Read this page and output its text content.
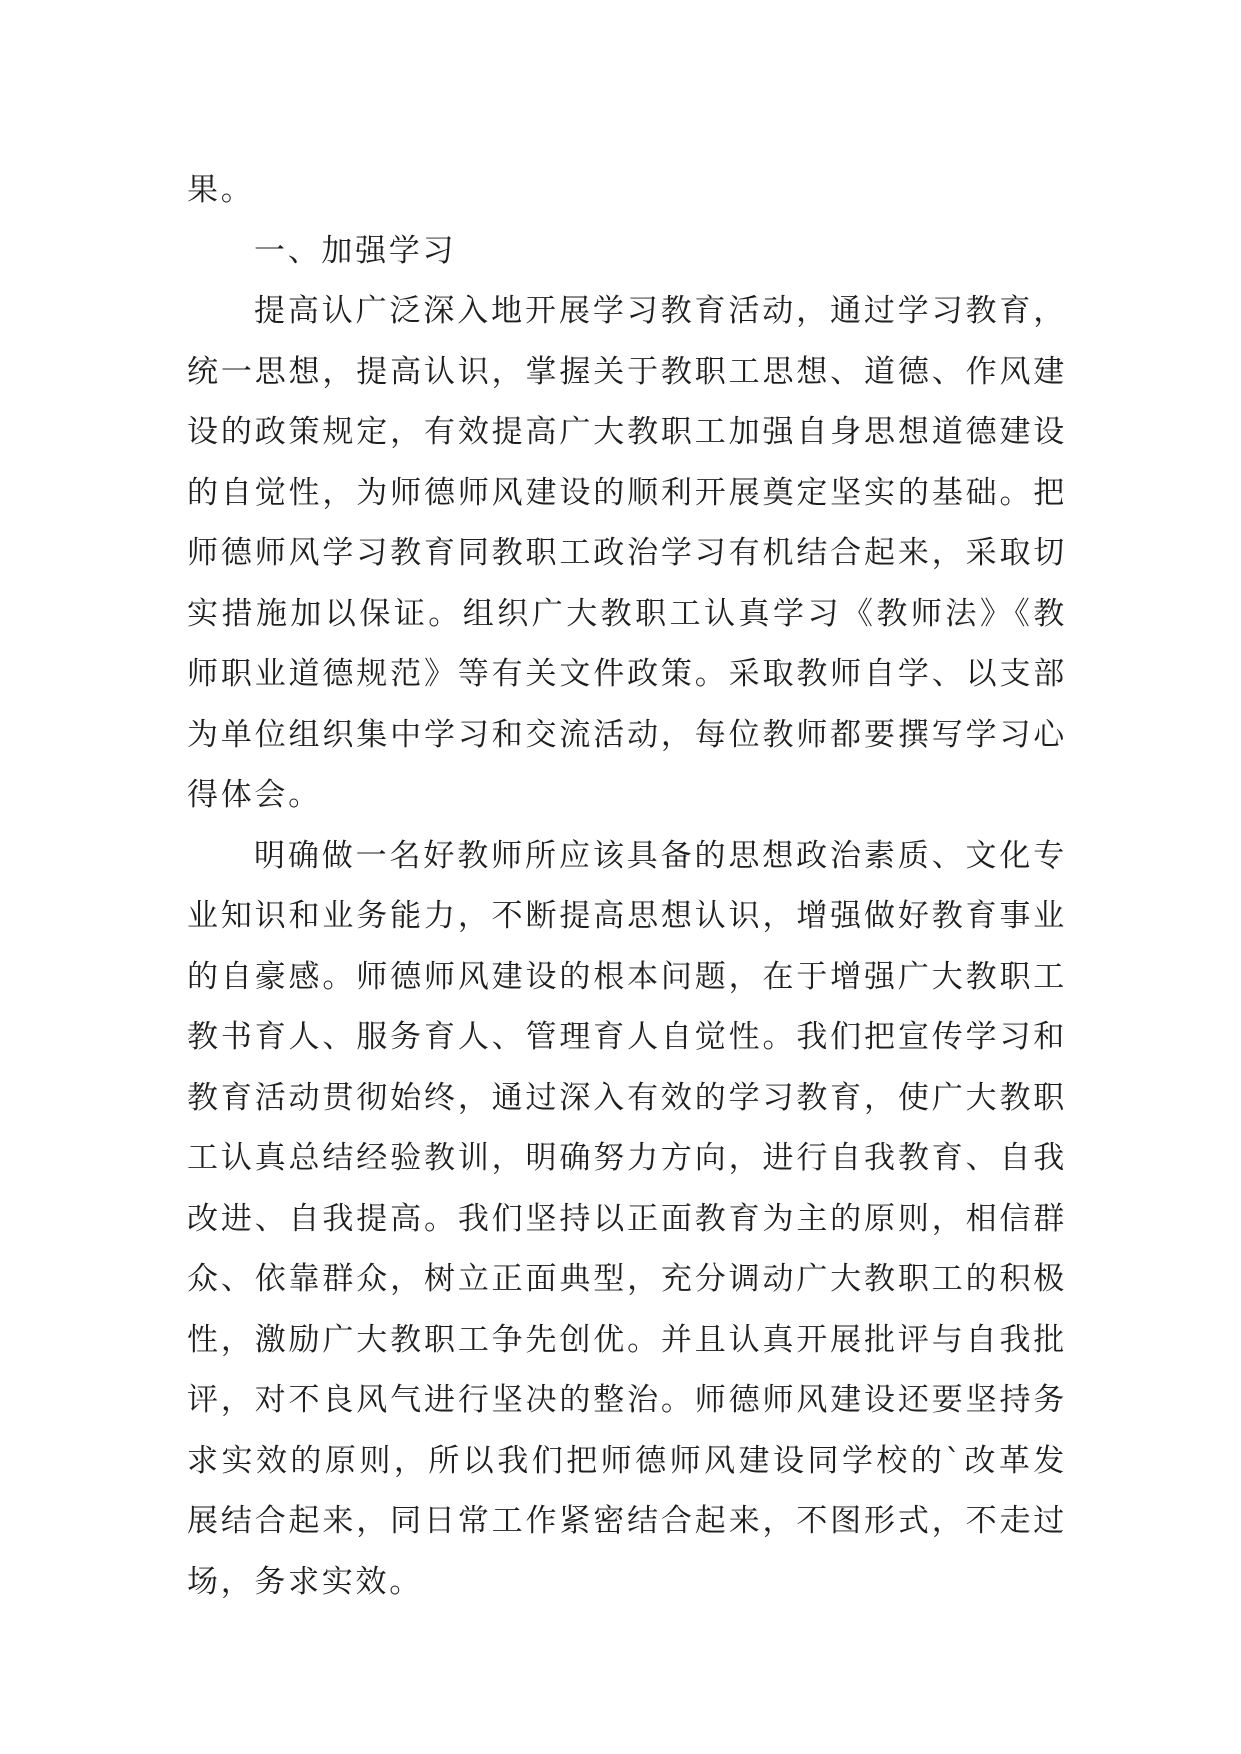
果。

一、加强学习

提高认广泛深入地开展学习教育活动，通过学习教育，统一思想，提高认识，掌握关于教职工思想、道德、作风建设的政策规定，有效提高广大教职工加强自身思想道德建设的自觉性，为师德师风建设的顺利开展奠定坚实的基础。把师德师风学习教育同教职工政治学习有机结合起来，采取切实措施加以保证。组织广大教职工认真学习《教师法》《教师职业道德规范》等有关文件政策。采取教师自学、以支部为单位组织集中学习和交流活动，每位教师都要撰写学习心得体会。

明确做一名好教师所应该具备的思想政治素质、文化专业知识和业务能力，不断提高思想认识，增强做好教育事业的自豪感。师德师风建设的根本问题，在于增强广大教职工教书育人、服务育人、管理育人自觉性。我们把宣传学习和教育活动贯彻始终，通过深入有效的学习教育，使广大教职工认真总结经验教训，明确努力方向，进行自我教育、自我改进、自我提高。我们坚持以正面教育为主的原则，相信群众、依靠群众，树立正面典型，充分调动广大教职工的积极性，激励广大教职工争先创优。并且认真开展批评与自我批评，对不良风气进行坚决的整治。师德师风建设还要坚持务求实效的原则，所以我们把师德师风建设同学校的`改革发展结合起来，同日常工作紧密结合起来，不图形式，不走过场，务求实效。
